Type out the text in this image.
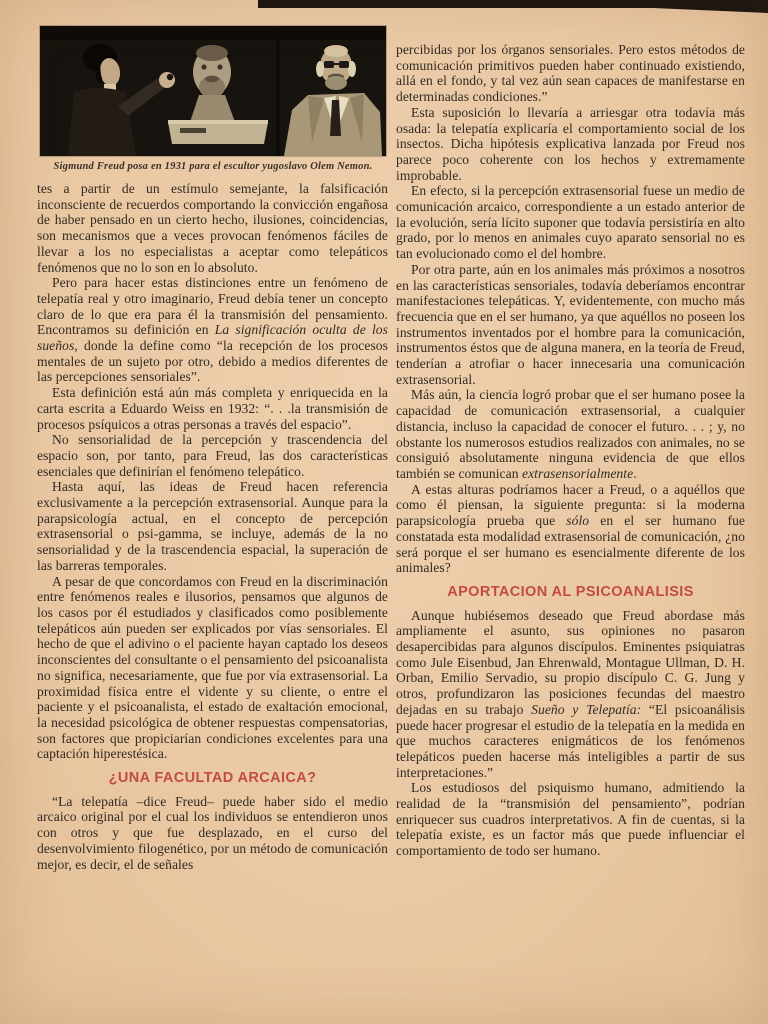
Sigmund Freud posa en 1931 para el escultor yugoslavo Olem Nemon.

tes a partir de un estímulo semejante, la falsificación inconsciente de recuerdos comportando la convicción engañosa de haber pensado en un cierto hecho, ilusiones, coincidencias, son mecanismos que a veces provocan fenómenos fáciles de llevar a los no especialistas a aceptar como telepáticos fenómenos que no lo son en lo absoluto.

Pero para hacer estas distinciones entre un fenómeno de telepatía real y otro imaginario, Freud debía tener un concepto claro de lo que era para él la transmisión del pensamiento. Encontramos su definición en La significación oculta de los sueños, donde la define como “la recepción de los procesos mentales de un sujeto por otro, debido a medios diferentes de las percepciones sensoriales”.

Esta definición está aún más completa y enriquecida en la carta escrita a Eduardo Weiss en 1932: “. . .la transmisión de procesos psíquicos a otras personas a través del espacio”.

No sensorialidad de la percepción y trascendencia del espacio son, por tanto, para Freud, las dos características esenciales que definirían el fenómeno telepático.

Hasta aquí, las ideas de Freud hacen referencia exclusivamente a la percepción extrasensorial. Aunque para la parapsicología actual, en el concepto de percepción extrasensorial o psi-gamma, se incluye, además de la no sensorialidad y de la trascendencia espacial, la superación de las barreras temporales.

A pesar de que concordamos con Freud en la discriminación entre fenómenos reales e ilusorios, pensamos que algunos de los casos por él estudiados y clasificados como posiblemente telepáticos aún pueden ser explicados por vías sensoriales. El hecho de que el adivino o el paciente hayan captado los deseos inconscientes del consultante o el pensamiento del psicoanalista no significa, necesariamente, que fue por vía extrasensorial. La proximidad física entre el vidente y su cliente, o entre el paciente y el psicoanalista, el estado de exaltación emocional, la necesidad psicológica de obtener respuestas compensatorias, son factores que propiciarían condiciones excelentes para una captación hiperestésica.

¿UNA FACULTAD ARCAICA?

“La telepatía –dice Freud– puede haber sido el medio arcaico original por el cual los individuos se entendieron unos con otros y que fue desplazado, en el curso del desenvolvimiento filogenético, por un método de comunicación mejor, es decir, el de señales

percibidas por los órganos sensoriales. Pero estos métodos de comunicación primitivos pueden haber continuado existiendo, allá en el fondo, y tal vez aún sean capaces de manifestarse en determinadas condiciones.”

Esta suposición lo llevaría a arriesgar otra todavía más osada: la telepatía explicaría el comportamiento social de los insectos. Dicha hipótesis explicativa lanzada por Freud nos parece poco coherente con los hechos y extremamente improbable.

En efecto, si la percepción extrasensorial fuese un medio de comunicación arcaico, correspondiente a un estado anterior de la evolución, sería lícito suponer que todavía persistiría en alto grado, por lo menos en animales cuyo aparato sensorial no es tan evolucionado como el del hombre.

Por otra parte, aún en los animales más próximos a nosotros en las características sensoriales, todavía deberíamos encontrar manifestaciones telepáticas. Y, evidentemente, con mucho más frecuencia que en el ser humano, ya que aquéllos no poseen los instrumentos inventados por el hombre para la comunicación, instrumentos éstos que de alguna manera, en la teoría de Freud, tenderían a atrofiar o hacer innecesaria una comunicación extrasensorial.

Más aún, la ciencia logró probar que el ser humano posee la capacidad de comunicación extrasensorial, a cualquier distancia, incluso la capacidad de conocer el futuro. . . ; y, no obstante los numerosos estudios realizados con animales, no se consiguió absolutamente ninguna evidencia de que ellos también se comunican extrasensorialmente.

A estas alturas podríamos hacer a Freud, o a aquéllos que como él piensan, la siguiente pregunta: si la moderna parapsicología prueba que sólo en el ser humano fue constatada esta modalidad extrasensorial de comunicación, ¿no será porque el ser humano es esencialmente diferente de los animales?

APORTACION AL PSICOANALISIS

Aunque hubiésemos deseado que Freud abordase más ampliamente el asunto, sus opiniones no pasaron desapercibidas para algunos discípulos. Eminentes psiquiatras como Jule Eisenbud, Jan Ehrenwald, Montague Ullman, D. H. Orban, Emilio Servadio, su propio discípulo C. G. Jung y otros, profundizaron las posiciones fecundas del maestro dejadas en su trabajo Sueño y Telepatía: “El psicoanálisis puede hacer progresar el estudio de la telepatía en la medida en que muchos caracteres enigmáticos de los fenómenos telepáticos pueden hacerse más inteligibles a partir de sus interpretaciones.”

Los estudiosos del psiquismo humano, admitiendo la realidad de la “transmisión del pensamiento”, podrían enriquecer sus cuadros interpretativos. A fin de cuentas, si la telepatía existe, es un factor más que puede influenciar el comportamiento de todo ser humano.
